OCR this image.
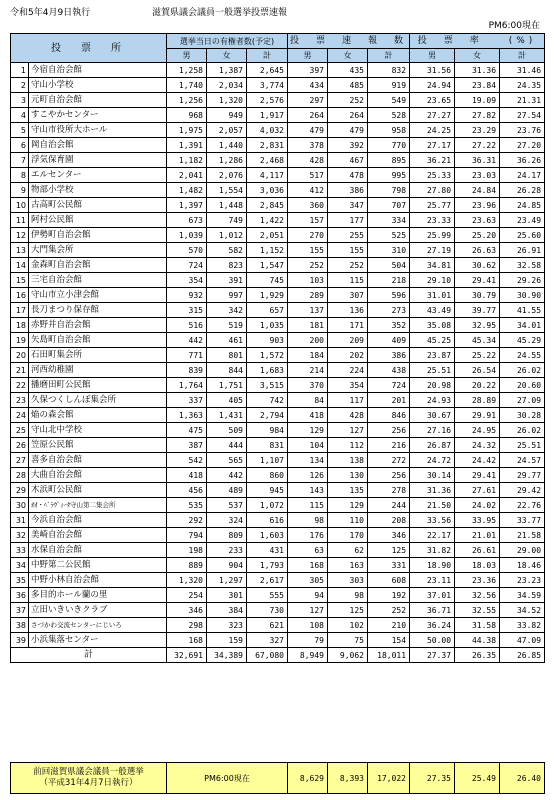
令和5年4月9日執行	滋賀県議会議員一般選挙投票速報
PM6:00現在
投　票　所		選挙当日の有権者数(予定)			投　票　速　報　数			投　票　率　　(%)		
		男	女	計	男	女	計	男	女	計
1	今宿自治会館	1,258	1,387	2,645	397	435	832	31.56	31.36	31.46
2	守山小学校	1,740	2,034	3,774	434	485	919	24.94	23.84	24.35
3	元町自治会館	1,256	1,320	2,576	297	252	549	23.65	19.09	21.31
4	すこやかセンター	968	949	1,917	264	264	528	27.27	27.82	27.54
5	守山市役所大ホール	1,975	2,057	4,032	479	479	958	24.25	23.29	23.76
6	岡自治会館	1,391	1,440	2,831	378	392	770	27.17	27.22	27.20
7	浮気保育園	1,182	1,286	2,468	428	467	895	36.21	36.31	36.26
8	エルセンター	2,041	2,076	4,117	517	478	995	25.33	23.03	24.17
9	物部小学校	1,482	1,554	3,036	412	386	798	27.80	24.84	26.28
10	古高町公民館	1,397	1,448	2,845	360	347	707	25.77	23.96	24.85
11	阿村公民館	673	749	1,422	157	177	334	23.33	23.63	23.49
12	伊勢町自治会館	1,039	1,012	2,051	270	255	525	25.99	25.20	25.60
13	大門集会所	570	582	1,152	155	155	310	27.19	26.63	26.91
14	金森町自治会館	724	823	1,547	252	252	504	34.81	30.62	32.58
15	三宅自治会館	354	391	745	103	115	218	29.10	29.41	29.26
16	守山市立小津会館	932	997	1,929	289	307	596	31.01	30.79	30.90
17	長刀まつり保存館	315	342	657	137	136	273	43.49	39.77	41.55
18	赤野井自治会館	516	519	1,035	181	171	352	35.08	32.95	34.01
19	矢島町自治会館	442	461	903	200	209	409	45.25	45.34	45.29
20	石田町集会所	771	801	1,572	184	202	386	23.87	25.22	24.55
21	河西幼稚園	839	844	1,683	214	224	438	25.51	26.54	26.02
22	播磨田町公民館	1,764	1,751	3,515	370	354	724	20.98	20.22	20.60
23	久保つくしんぼ集会所	337	405	742	84	117	201	24.93	28.89	27.09
24	焔の森会館	1,363	1,431	2,794	418	428	846	30.67	29.91	30.28
25	守山北中学校	475	509	984	129	127	256	27.16	24.95	26.02
26	笠原公民館	387	444	831	104	112	216	26.87	24.32	25.51
27	喜多自治会館	542	565	1,107	134	138	272	24.72	24.42	24.57
28	大曲自治会館	418	442	860	126	130	256	30.14	29.41	29.77
29	木浜町公民館	456	489	945	143	135	278	31.36	27.61	29.42
30	ｵｵ・ﾍﾞﾗｳﾞｨｰﾀ守山第二集会所	535	537	1,072	115	129	244	21.50	24.02	22.76
31	今浜自治会館	292	324	616	98	110	208	33.56	33.95	33.77
32	美崎自治会館	794	809	1,603	176	170	346	22.17	21.01	21.58
33	水保自治会館	198	233	431	63	62	125	31.82	26.61	29.00
34	中野第二公民館	889	904	1,793	168	163	331	18.90	18.03	18.46
35	中野小林自治会館	1,320	1,297	2,617	305	303	608	23.11	23.36	23.23
36	多目的ホール蘭の里	254	301	555	94	98	192	37.01	32.56	34.59
37	立田いきいきクラブ	346	384	730	127	125	252	36.71	32.55	34.52
38	さづかわ交流センターにじいろ	298	323	621	108	102	210	36.24	31.58	33.82
39	小浜集落センター	168	159	327	79	75	154	50.00	44.38	47.09
計		32,691	34,389	67,080	8,949	9,062	18,011	27.37	26.35	26.85
前回滋賀県議会議員一般選挙
（平成31年4月7日執行）	PM6:00現在	8,629	8,393	17,022	27.35	25.49	26.40
